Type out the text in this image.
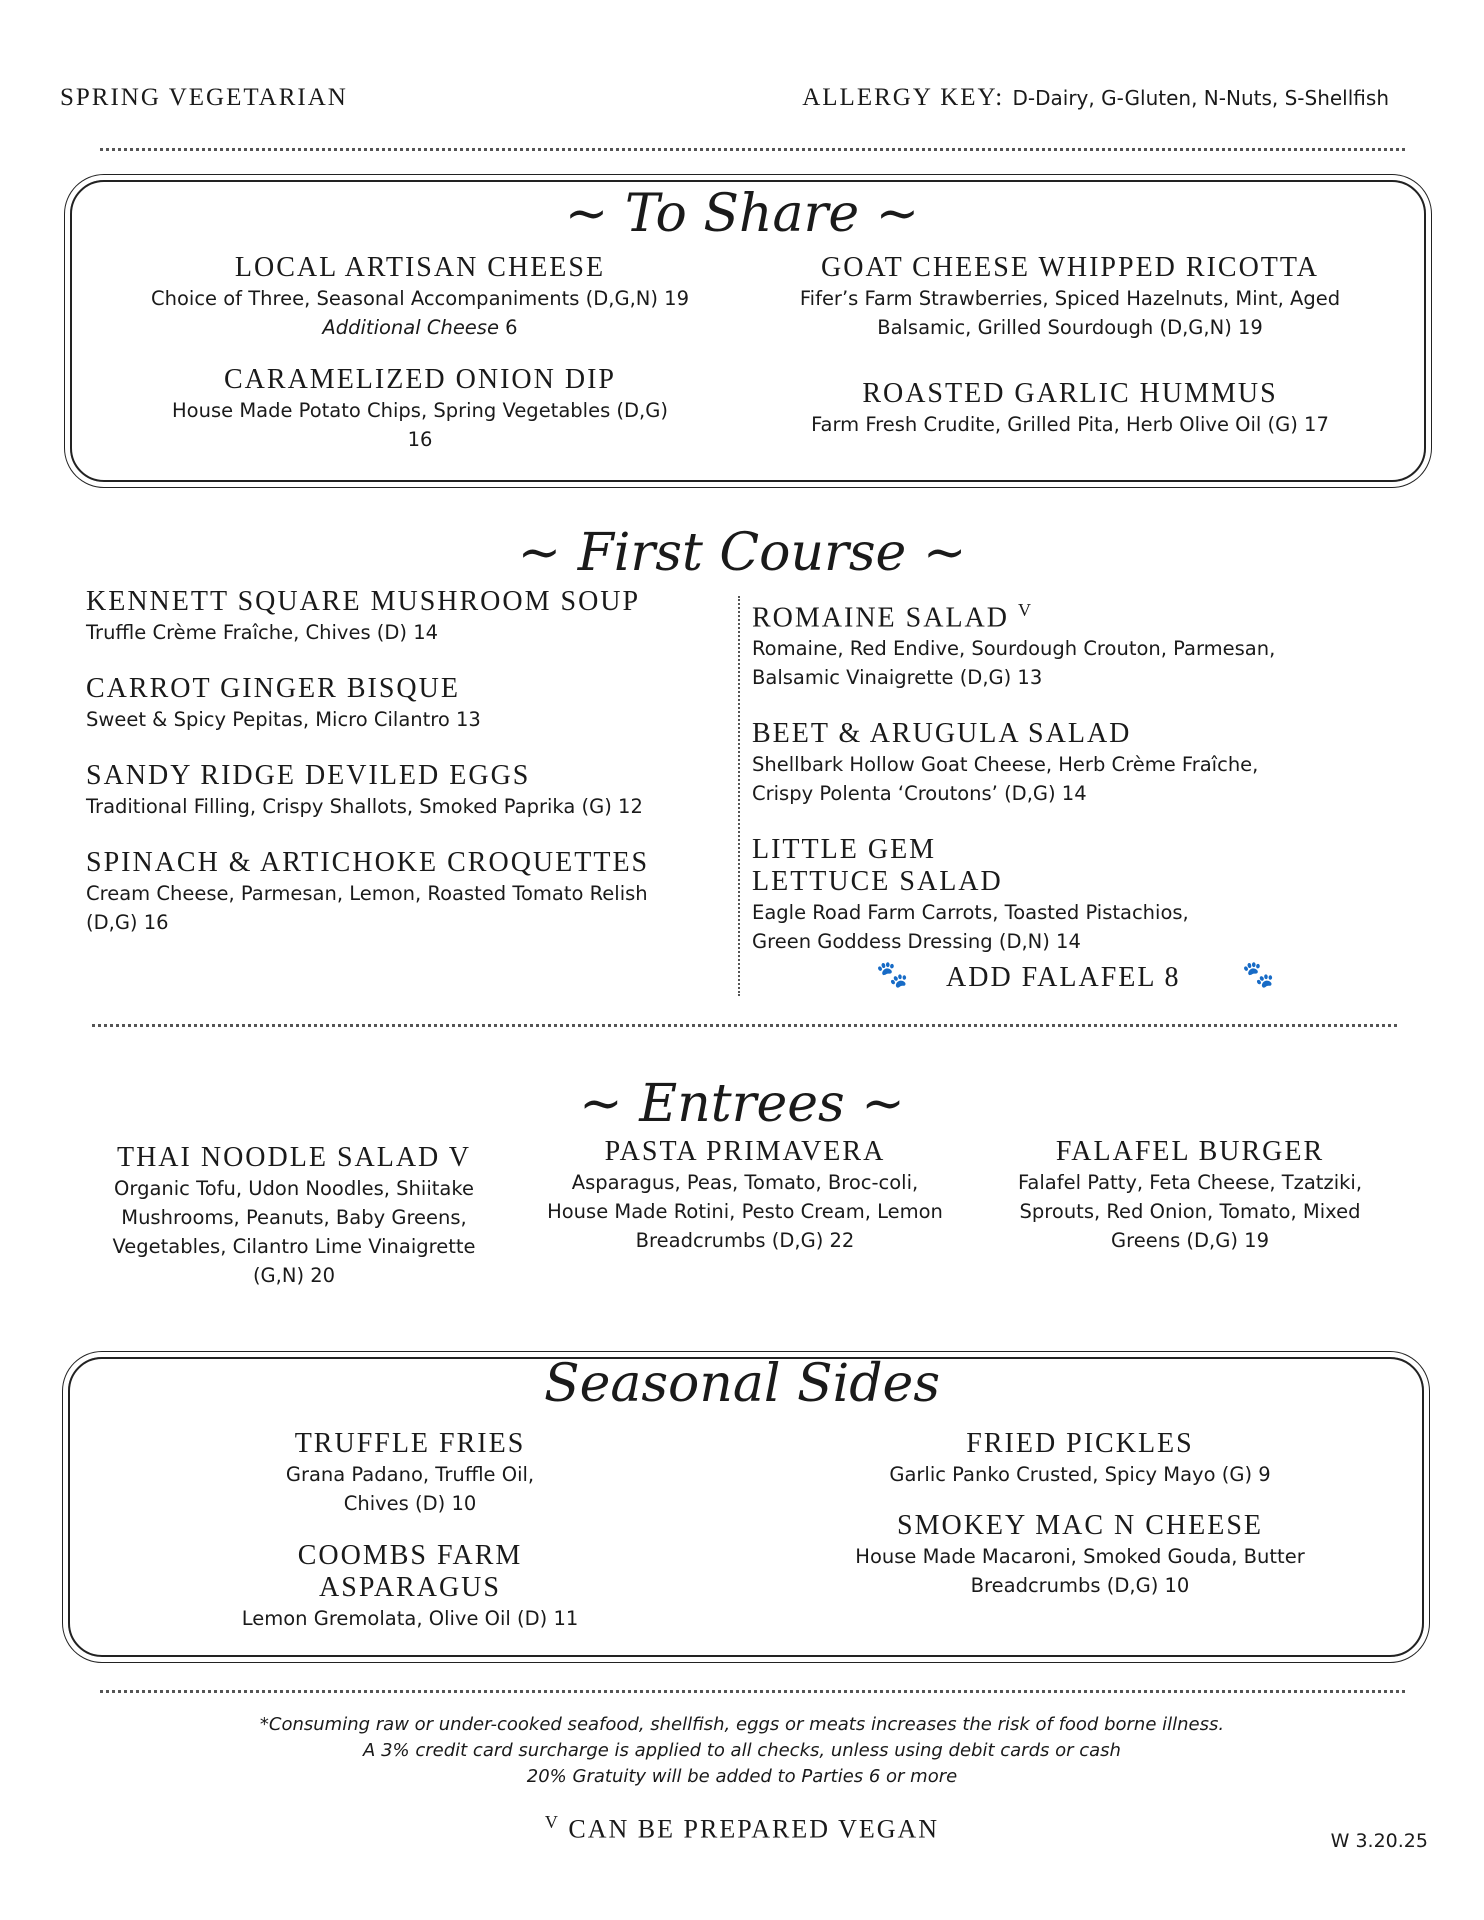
SPRING VEGETARIAN	ALLERGY KEY: D-Dairy, G-Gluten, N-Nuts, S-Shellfish
~ To Share ~
LOCAL ARTISAN CHEESE
Choice of Three, Seasonal Accompaniments (D,G,N) 19
Additional Cheese 6
GOAT CHEESE WHIPPED RICOTTA
Fifer’s Farm Strawberries, Spiced Hazelnuts, Mint, Aged Balsamic, Grilled Sourdough (D,G,N) 19
CARAMELIZED ONION DIP
House Made Potato Chips, Spring Vegetables (D,G) 16
ROASTED GARLIC HUMMUS
Farm Fresh Crudite, Grilled Pita, Herb Olive Oil (G) 17
~ First Course ~
KENNETT SQUARE MUSHROOM SOUP
Truffle Crème Fraîche, Chives (D) 14
CARROT GINGER BISQUE
Sweet & Spicy Pepitas, Micro Cilantro 13
SANDY RIDGE DEVILED EGGS
Traditional Filling, Crispy Shallots, Smoked Paprika (G) 12
SPINACH & ARTICHOKE CROQUETTES
Cream Cheese, Parmesan, Lemon, Roasted Tomato Relish (D,G) 16
ROMAINE SALAD $^V$
Romaine, Red Endive, Sourdough Crouton, Parmesan, Balsamic Vinaigrette (D,G) 13
BEET & ARUGULA SALAD
Shellbark Hollow Goat Cheese, Herb Crème Fraîche, Crispy Polenta ‘Croutons’ (D,G) 14
LITTLE GEM
LETTUCE SALAD
Eagle Road Farm Carrots, Toasted Pistachios, Green Goddess Dressing (D,N) 14
🐾 ADD FALAFEL 8 🐾
~ Entrees ~
THAI NOODLE SALAD V
Organic Tofu, Udon Noodles, Shiitake Mushrooms, Peanuts, Baby Greens, Vegetables, Cilantro Lime Vinaigrette (G,N) 20
PASTA PRIMAVERA
Asparagus, Peas, Tomato, Broc-coli, House Made Rotini, Pesto Cream, Lemon Breadcrumbs (D,G) 22
FALAFEL BURGER
Falafel Patty, Feta Cheese, Tzatziki, Sprouts, Red Onion, Tomato, Mixed Greens (D,G) 19
Seasonal Sides
TRUFFLE FRIES
Grana Padano, Truffle Oil, Chives (D) 10
FRIED PICKLES
Garlic Panko Crusted, Spicy Mayo (G) 9
COOMBS FARM
ASPARAGUS
Lemon Gremolata, Olive Oil (D) 11
SMOKEY MAC N CHEESE
House Made Macaroni, Smoked Gouda, Butter Breadcrumbs (D,G) 10
*Consuming raw or under-cooked seafood, shellfish, eggs or meats increases the risk of food borne illness.
A 3% credit card surcharge is applied to all checks, unless using debit cards or cash
20% Gratuity will be added to Parties 6 or more
$^V$ CAN BE PREPARED VEGAN	W 3.20.25
